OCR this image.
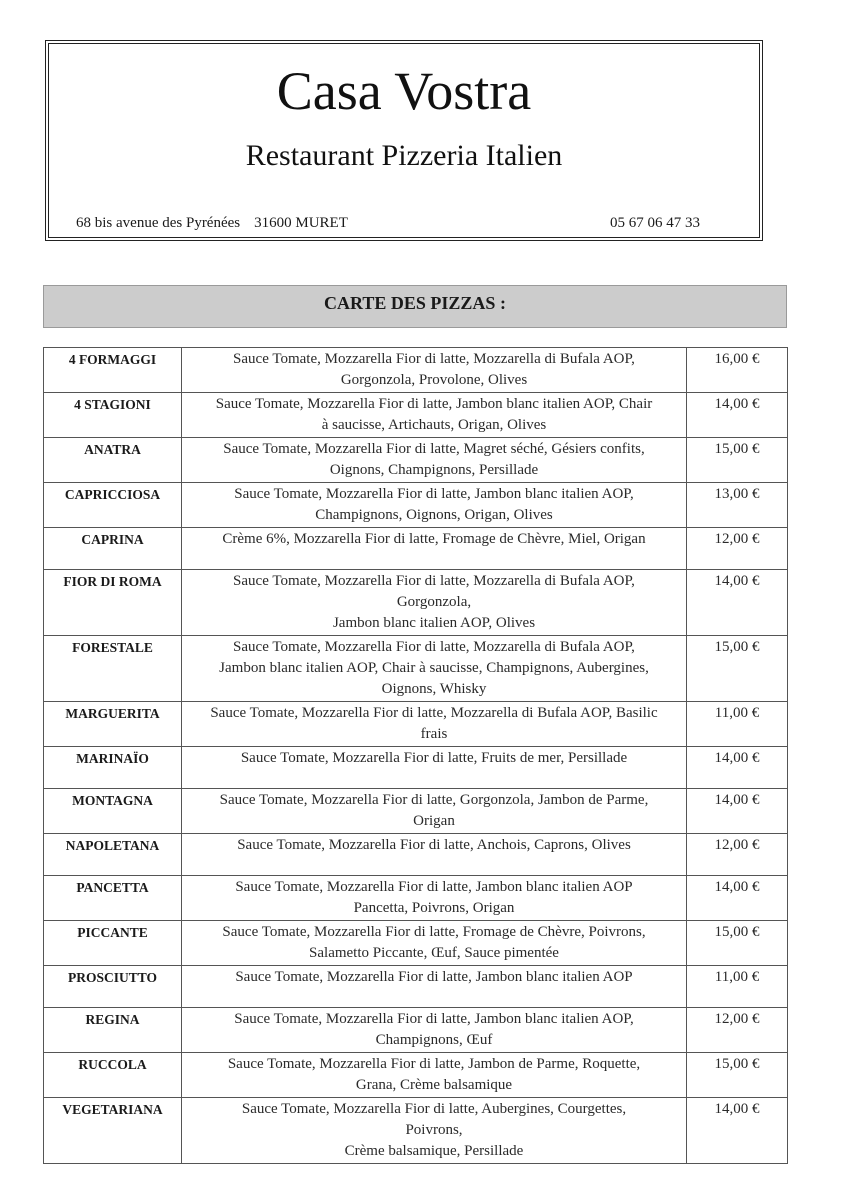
Casa Vostra
Restaurant Pizzeria Italien
68 bis avenue des Pyrénées 31600 MURET	05 67 06 47 33
CARTE DES PIZZAS :
4 FORMAGGI	Sauce Tomate, Mozzarella Fior di latte, Mozzarella di Bufala AOP,
Gorgonzola, Provolone, Olives	16,00 €
4 STAGIONI	Sauce Tomate, Mozzarella Fior di latte, Jambon blanc italien AOP, Chair
à saucisse, Artichauts, Origan, Olives	14,00 €
ANATRA	Sauce Tomate, Mozzarella Fior di latte, Magret séché, Gésiers confits,
Oignons, Champignons, Persillade	15,00 €
CAPRICCIOSA	Sauce Tomate, Mozzarella Fior di latte, Jambon blanc italien AOP,
Champignons, Oignons, Origan, Olives	13,00 €
CAPRINA	Crème 6%, Mozzarella Fior di latte, Fromage de Chèvre, Miel, Origan	12,00 €
FIOR DI ROMA	Sauce Tomate, Mozzarella Fior di latte, Mozzarella di Bufala AOP,
Gorgonzola,
Jambon blanc italien AOP, Olives	14,00 €
FORESTALE	Sauce Tomate, Mozzarella Fior di latte, Mozzarella di Bufala AOP,
Jambon blanc italien AOP, Chair à saucisse, Champignons, Aubergines,
Oignons, Whisky	15,00 €
MARGUERITA	Sauce Tomate, Mozzarella Fior di latte, Mozzarella di Bufala AOP, Basilic
frais	11,00 €
MARINAÏO	Sauce Tomate, Mozzarella Fior di latte, Fruits de mer, Persillade	14,00 €
MONTAGNA	Sauce Tomate, Mozzarella Fior di latte, Gorgonzola, Jambon de Parme,
Origan	14,00 €
NAPOLETANA	Sauce Tomate, Mozzarella Fior di latte, Anchois, Caprons, Olives	12,00 €
PANCETTA	Sauce Tomate, Mozzarella Fior di latte, Jambon blanc italien AOP
Pancetta, Poivrons, Origan	14,00 €
PICCANTE	Sauce Tomate, Mozzarella Fior di latte, Fromage de Chèvre, Poivrons,
Salametto Piccante, Œuf, Sauce pimentée	15,00 €
PROSCIUTTO	Sauce Tomate, Mozzarella Fior di latte, Jambon blanc italien AOP	11,00 €
REGINA	Sauce Tomate, Mozzarella Fior di latte, Jambon blanc italien AOP,
Champignons, Œuf	12,00 €
RUCCOLA	Sauce Tomate, Mozzarella Fior di latte, Jambon de Parme, Roquette,
Grana, Crème balsamique	15,00 €
VEGETARIANA	Sauce Tomate, Mozzarella Fior di latte, Aubergines, Courgettes,
Poivrons,
Crème balsamique, Persillade	14,00 €
